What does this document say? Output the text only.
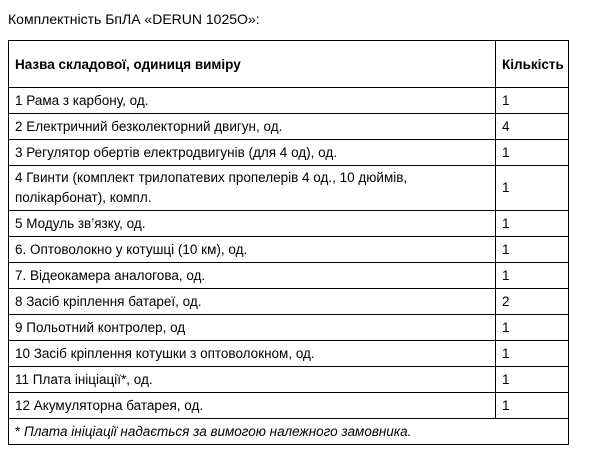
Комплектність БпЛА «DERUN 1025O»:
Назва складової, одиниця виміру	Кількість
1 Рама з карбону, од.	1
2 Електричний безколекторний двигун, од.	4
3 Регулятор обертів електродвигунів (для 4 од), од.	1
4 Гвинти (комплект трилопатевих пропелерів 4 од., 10 дюймів, полікарбонат), компл.	1
5 Модуль зв’язку, од.	1
6. Оптоволокно у котушці (10 км), од.	1
7. Відеокамера аналогова, од.	1
8 Засіб кріплення батареї, од.	2
9 Польотний контролер, од	1
10 Засіб кріплення котушки з оптоволокном, од.	1
11 Плата ініціації*, од.	1
12 Акумуляторна батарея, од.	1
* Плата ініціації надається за вимогою належного замовника.	
